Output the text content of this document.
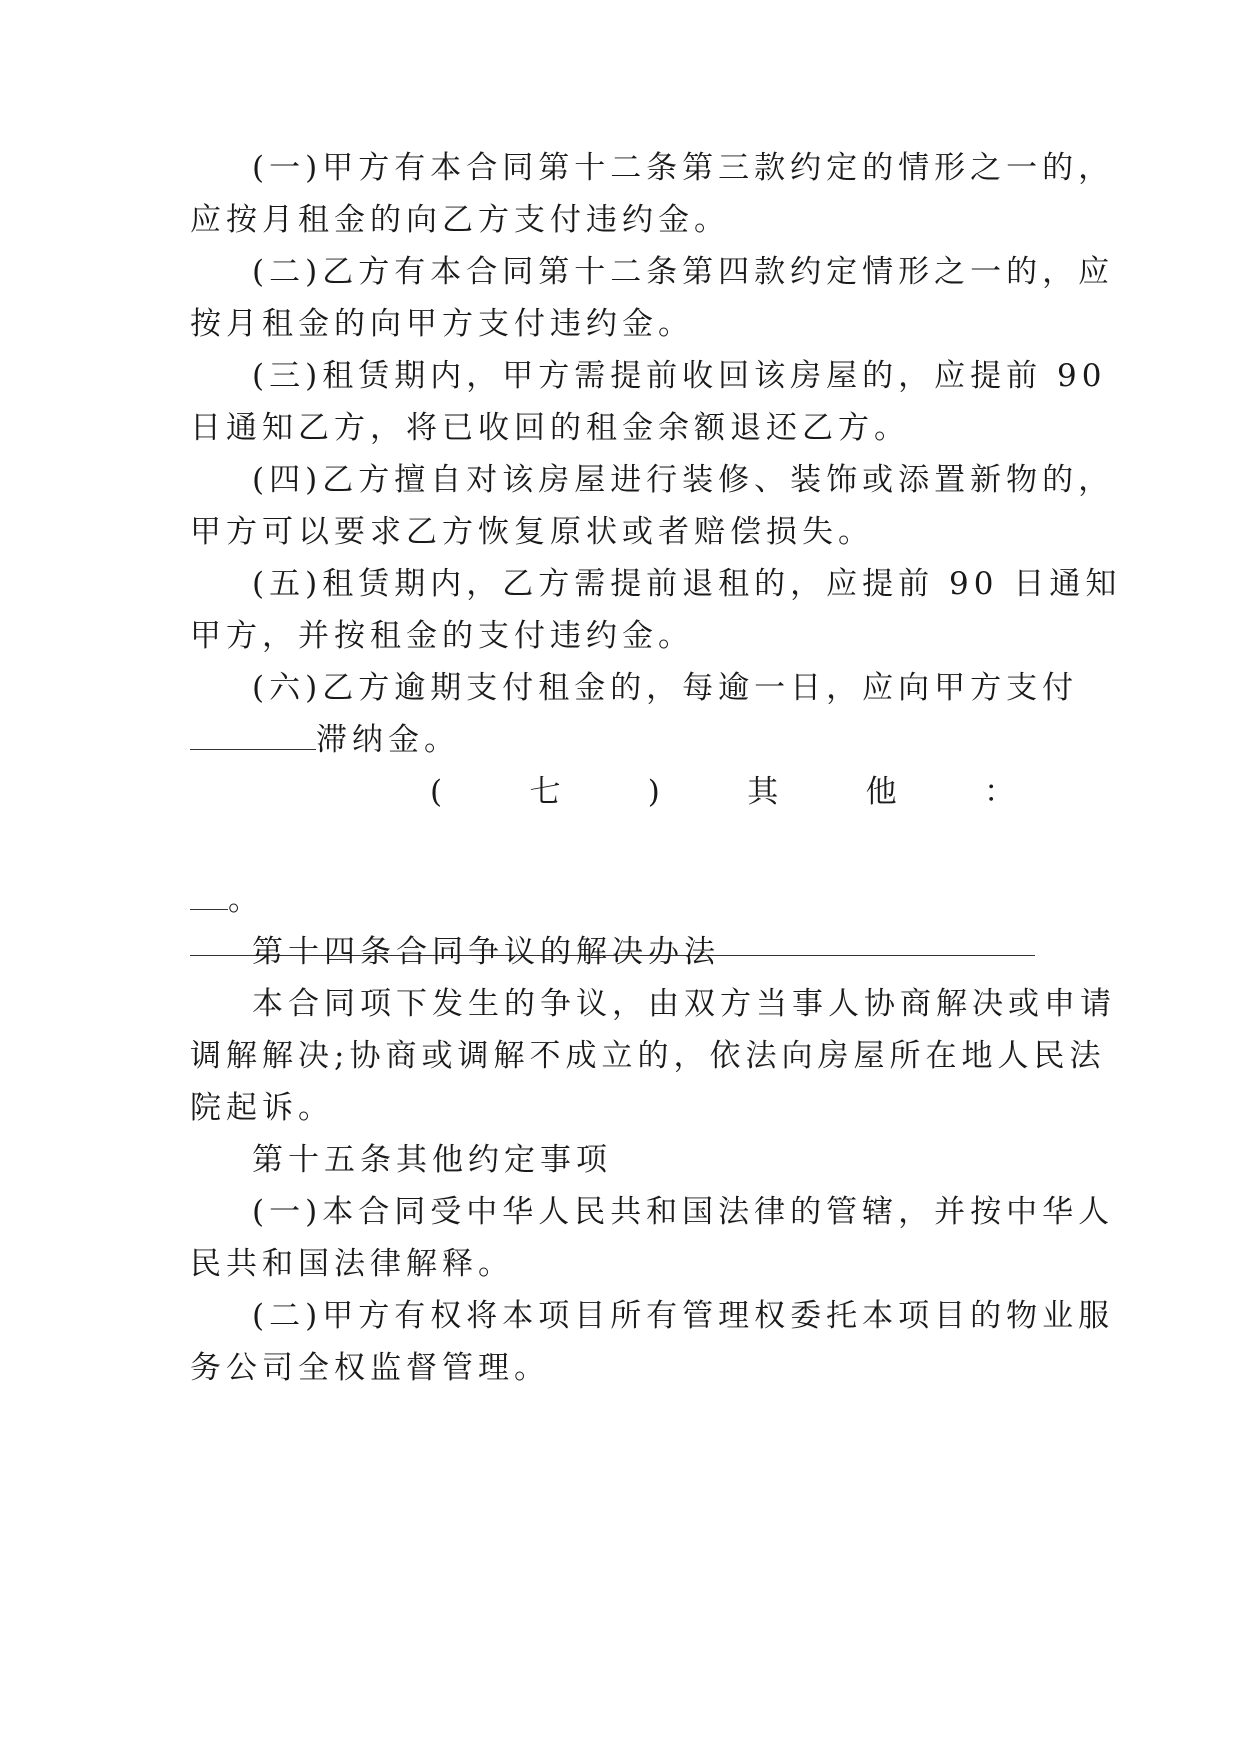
(一)甲方有本合同第十二条第三款约定的情形之一的，
应按月租金的向乙方支付违约金。
(二)乙方有本合同第十二条第四款约定情形之一的，应
按月租金的向甲方支付违约金。
(三)租赁期内，甲方需提前收回该房屋的，应提前 90
日通知乙方，将已收回的租金余额退还乙方。
(四)乙方擅自对该房屋进行装修、装饰或添置新物的，
甲方可以要求乙方恢复原状或者赔偿损失。
(五)租赁期内，乙方需提前退租的，应提前 90 日通知
甲方，并按租金的支付违约金。
(六)乙方逾期支付租金的，每逾一日，应向甲方支付
滞纳金。
(	七	)	其	他	：
。
第十四条合同争议的解决办法
本合同项下发生的争议，由双方当事人协商解决或申请
调解解决;协商或调解不成立的，依法向房屋所在地人民法
院起诉。
第十五条其他约定事项
(一)本合同受中华人民共和国法律的管辖，并按中华人
民共和国法律解释。
(二)甲方有权将本项目所有管理权委托本项目的物业服
务公司全权监督管理。
